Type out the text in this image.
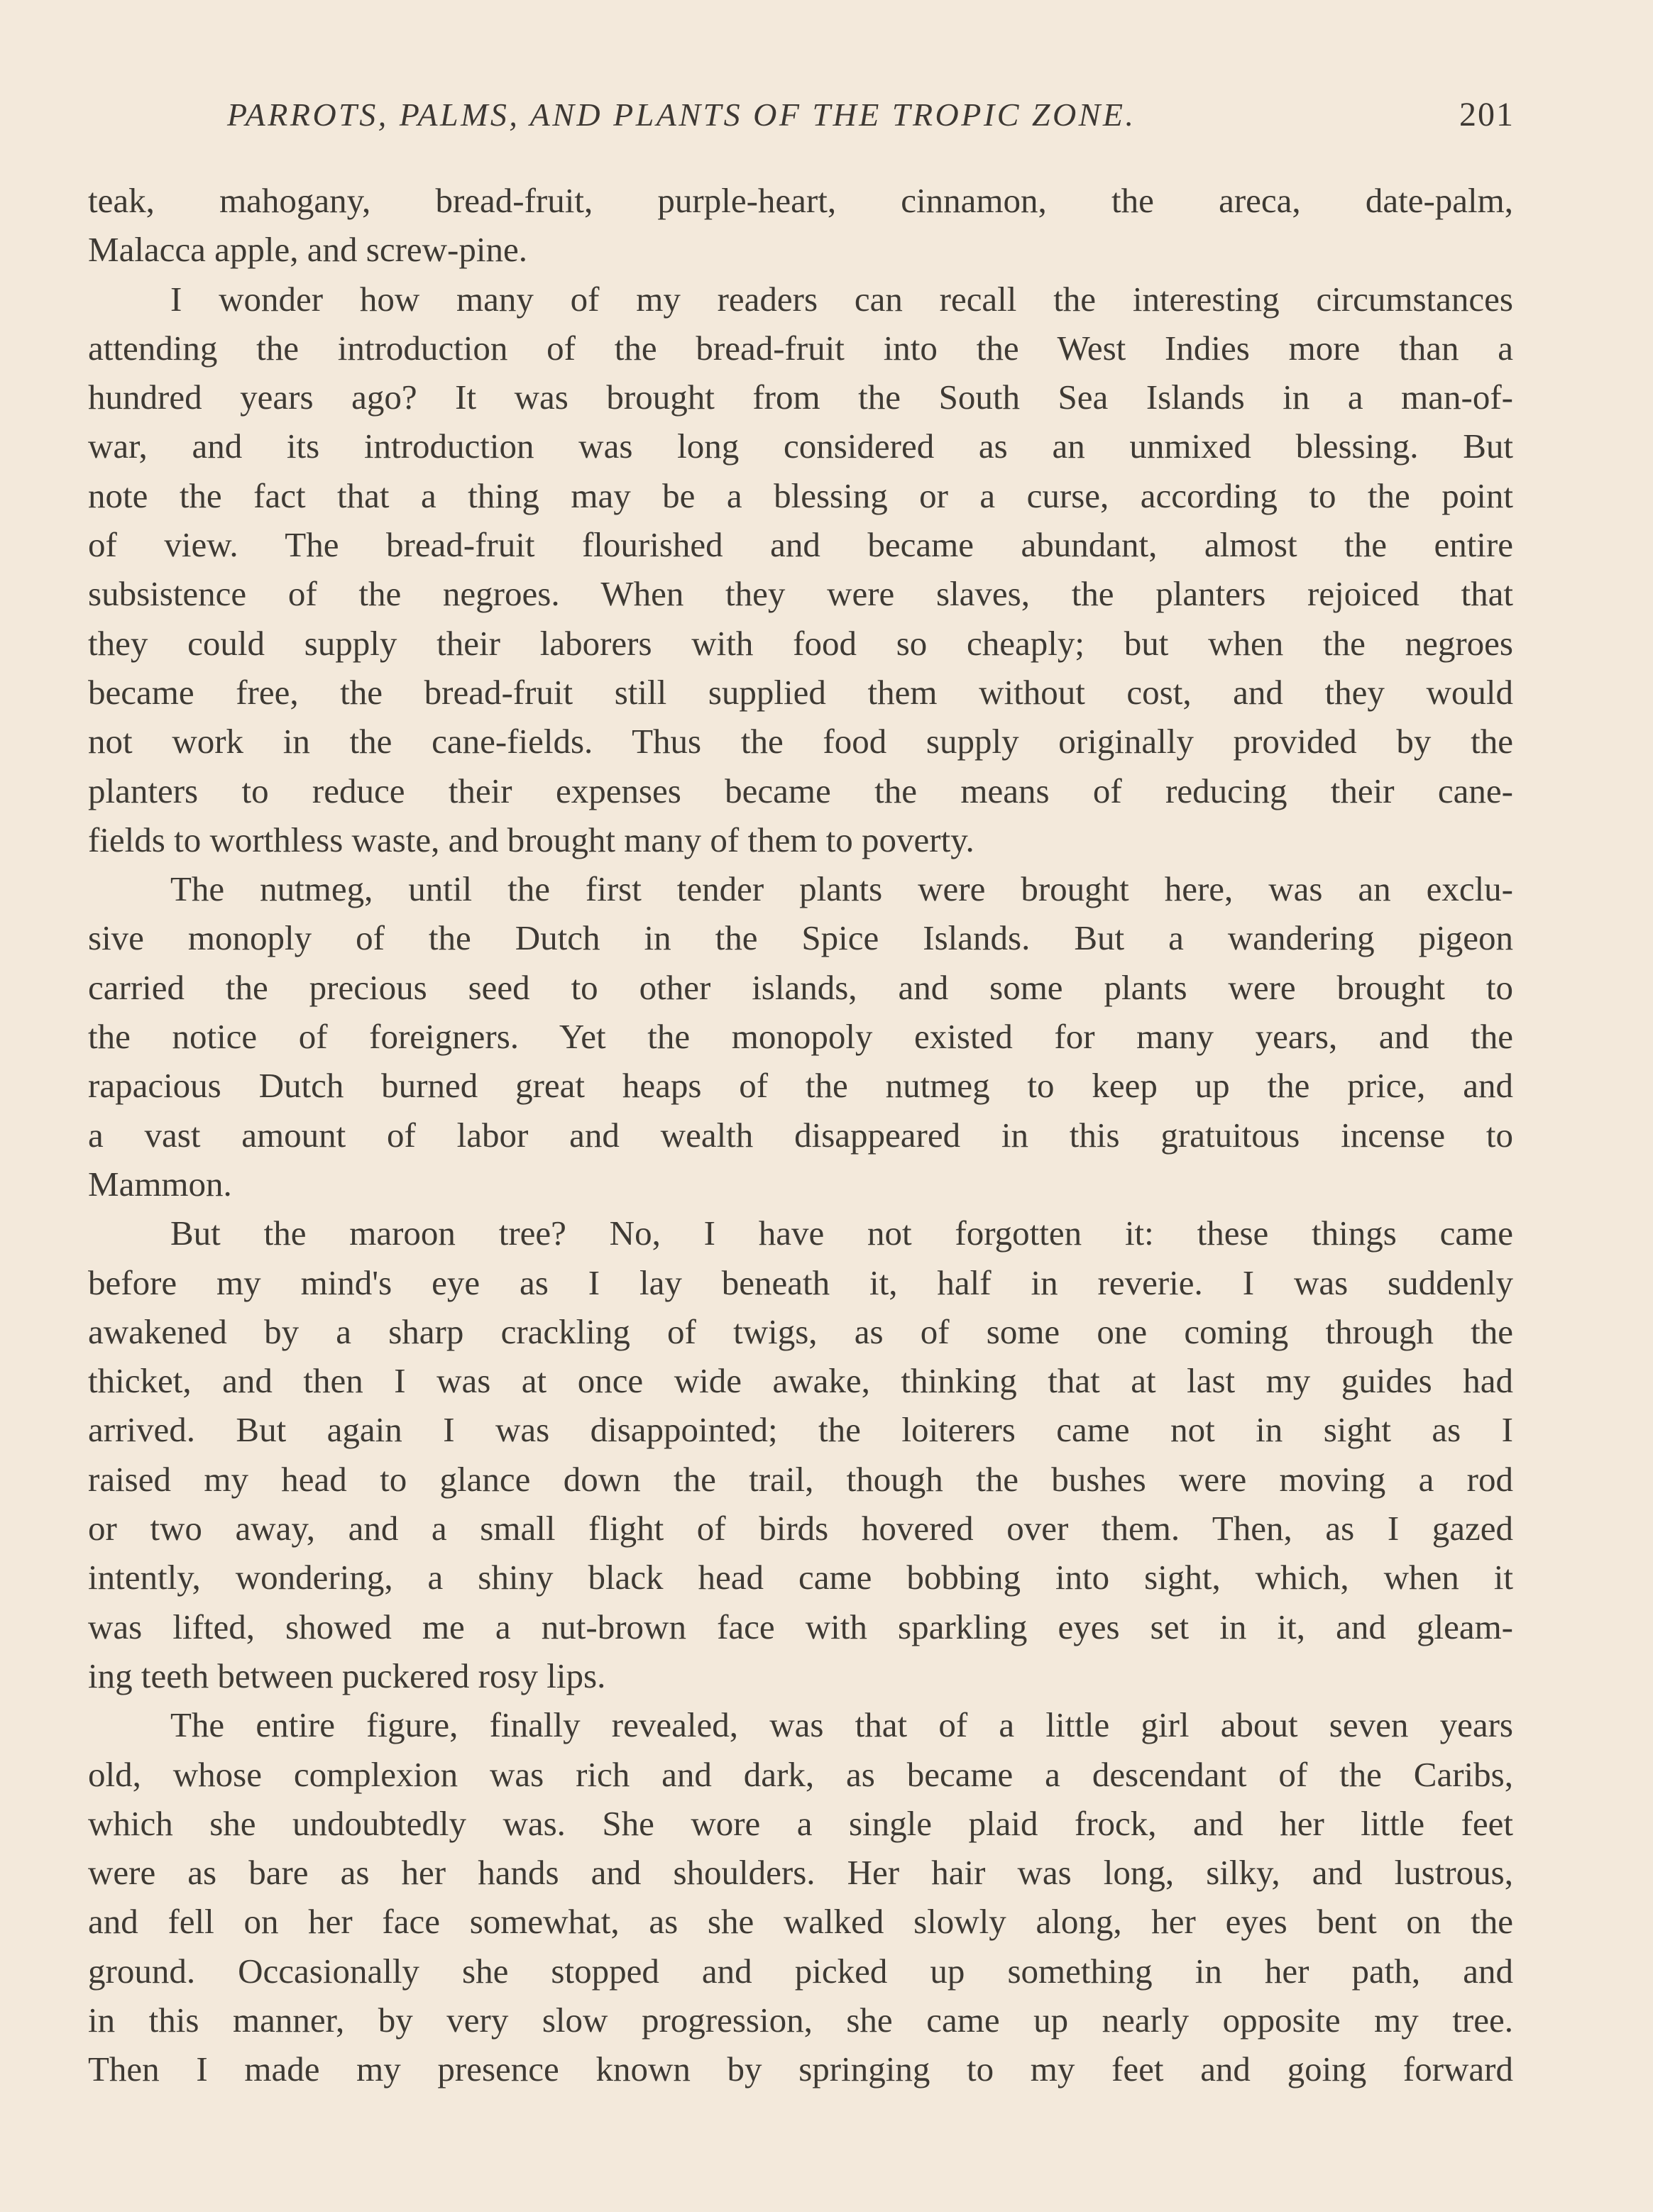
PARROTS, PALMS, AND PLANTS OF THE TROPIC ZONE.	201
teak, mahogany, bread-fruit, purple-heart, cinnamon, the areca, date-palm,
Malacca apple, and screw-pine.
I wonder how many of my readers can recall the interesting circumstances
attending the introduction of the bread-fruit into the West Indies more than a
hundred years ago? It was brought from the South Sea Islands in a man-of-
war, and its introduction was long considered as an unmixed blessing. But
note the fact that a thing may be a blessing or a curse, according to the point
of view. The bread-fruit flourished and became abundant, almost the entire
subsistence of the negroes. When they were slaves, the planters rejoiced that
they could supply their laborers with food so cheaply; but when the negroes
became free, the bread-fruit still supplied them without cost, and they would
not work in the cane-fields. Thus the food supply originally provided by the
planters to reduce their expenses became the means of reducing their cane-
fields to worthless waste, and brought many of them to poverty.
The nutmeg, until the first tender plants were brought here, was an exclu-
sive monoply of the Dutch in the Spice Islands. But a wandering pigeon
carried the precious seed to other islands, and some plants were brought to
the notice of foreigners. Yet the monopoly existed for many years, and the
rapacious Dutch burned great heaps of the nutmeg to keep up the price, and
a vast amount of labor and wealth disappeared in this gratuitous incense to
Mammon.
But the maroon tree? No, I have not forgotten it: these things came
before my mind's eye as I lay beneath it, half in reverie. I was suddenly
awakened by a sharp crackling of twigs, as of some one coming through the
thicket, and then I was at once wide awake, thinking that at last my guides had
arrived. But again I was disappointed; the loiterers came not in sight as I
raised my head to glance down the trail, though the bushes were moving a rod
or two away, and a small flight of birds hovered over them. Then, as I gazed
intently, wondering, a shiny black head came bobbing into sight, which, when it
was lifted, showed me a nut-brown face with sparkling eyes set in it, and gleam-
ing teeth between puckered rosy lips.
The entire figure, finally revealed, was that of a little girl about seven years
old, whose complexion was rich and dark, as became a descendant of the Caribs,
which she undoubtedly was. She wore a single plaid frock, and her little feet
were as bare as her hands and shoulders. Her hair was long, silky, and lustrous,
and fell on her face somewhat, as she walked slowly along, her eyes bent on the
ground. Occasionally she stopped and picked up something in her path, and
in this manner, by very slow progression, she came up nearly opposite my tree.
Then I made my presence known by springing to my feet and going forward
